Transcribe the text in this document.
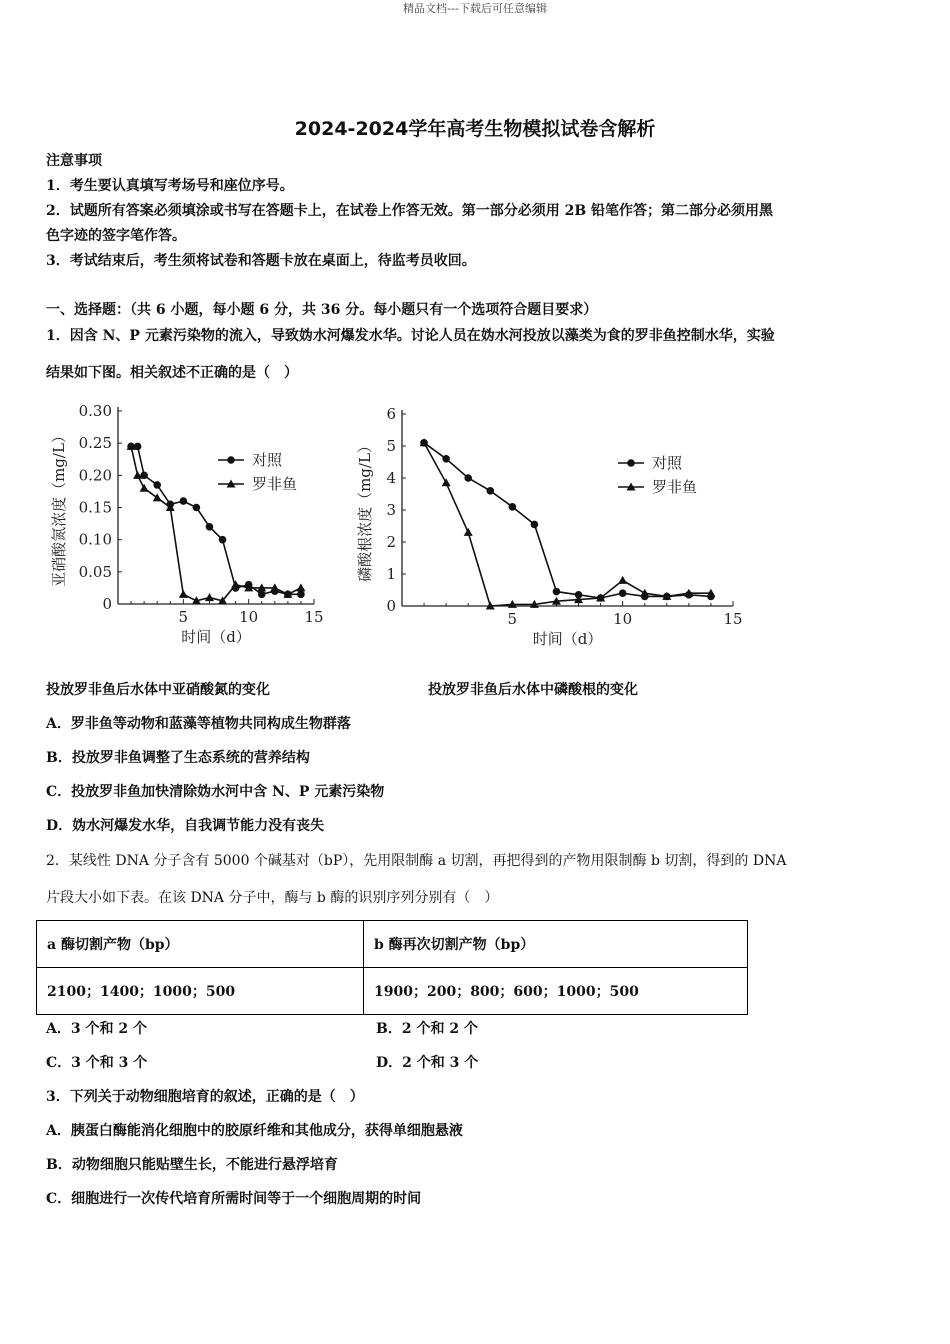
精品文档---下载后可任意编辑
2024-2024学年高考生物模拟试卷含解析
注意事项
1．考生要认真填写考场号和座位序号。
2．试题所有答案必须填涂或书写在答题卡上，在试卷上作答无效。第一部分必须用 2B 铅笔作答；第二部分必须用黑
色字迹的签字笔作答。
3．考试结束后，考生须将试卷和答题卡放在桌面上，待监考员收回。
一、选择题：（共 6 小题，每小题 6 分，共 36 分。每小题只有一个选项符合题目要求）
1．因含 N、P 元素污染物的流入，导致妫水河爆发水华。讨论人员在妫水河投放以藻类为食的罗非鱼控制水华，实验
结果如下图。相关叙述不正确的是（　）
0
0.05
0.10
0.15
0.20
0.25
0.30
5	10	15
时间（d）
亚硝酸氮浓度（mg/L）	对照
罗非鱼
0
1
2
3
4
5
6
5	10	15
时间（d）
磷酸根浓度（mg/L）	对照
罗非鱼
投放罗非鱼后水体中亚硝酸氮的变化	投放罗非鱼后水体中磷酸根的变化
A．罗非鱼等动物和蓝藻等植物共同构成生物群落
B．投放罗非鱼调整了生态系统的营养结构
C．投放罗非鱼加快清除妫水河中含 N、P 元素污染物
D．妫水河爆发水华，自我调节能力没有丧失
2．某线性 DNA 分子含有 5000 个碱基对（bP），先用限制酶 a 切割，再把得到的产物用限制酶 b 切割，得到的 DNA
片段大小如下表。在该 DNA 分子中，酶与 b 酶的识别序列分别有（　）
a 酶切割产物（bp）	b 酶再次切割产物（bp）
2100；1400；1000；500	1900；200；800；600；1000；500
A．3 个和 2 个	B．2 个和 2 个
C．3 个和 3 个	D．2 个和 3 个
3．下列关于动物细胞培育的叙述，正确的是（　）
A．胰蛋白酶能消化细胞中的胶原纤维和其他成分，获得单细胞悬液
B．动物细胞只能贴壁生长，不能进行悬浮培育
C．细胞进行一次传代培育所需时间等于一个细胞周期的时间
